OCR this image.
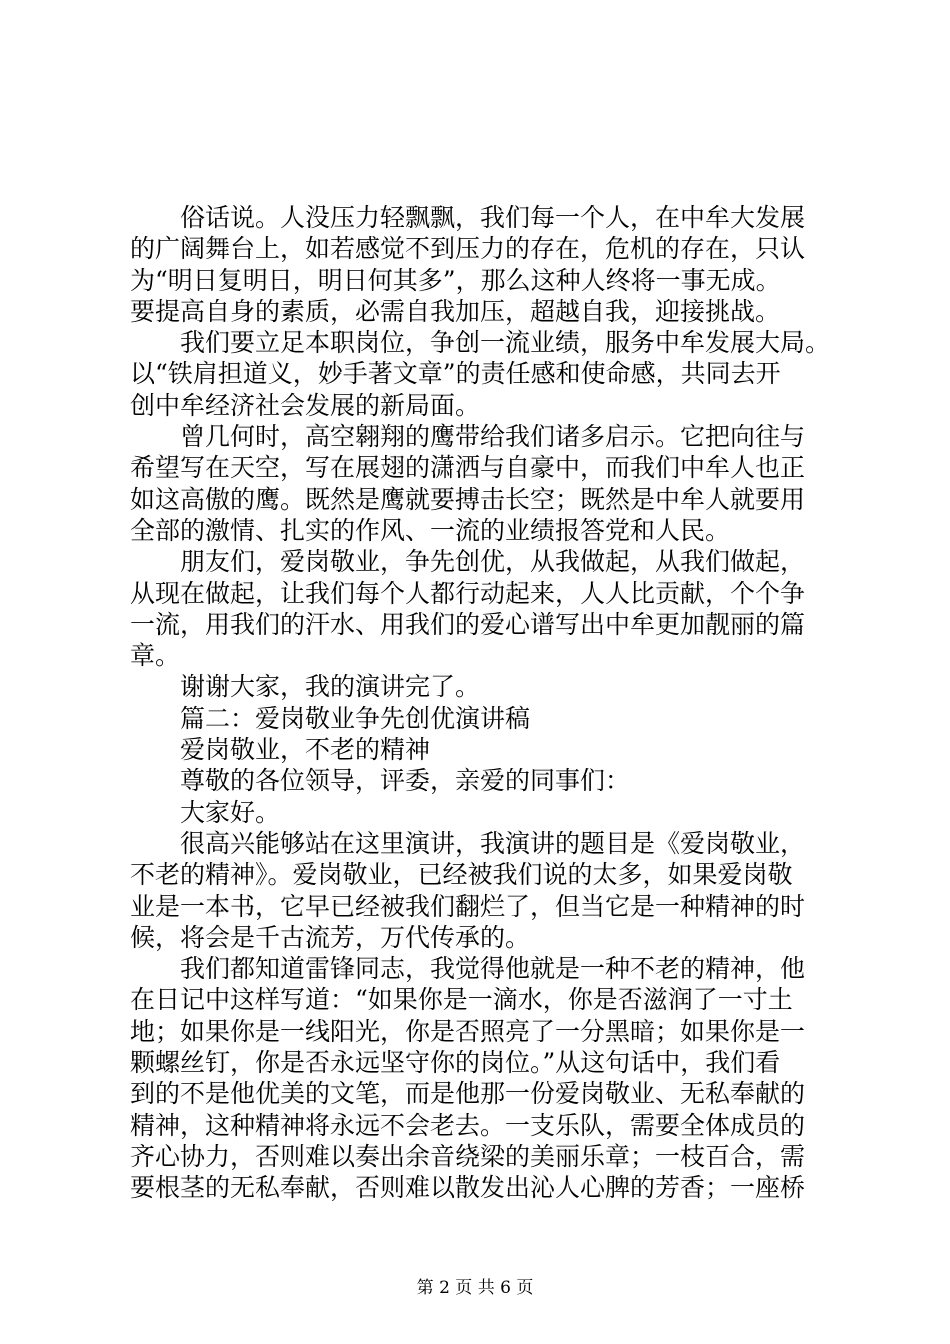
俗话说。人没压力轻飘飘，我们每一个人，在中牟大发展
的广阔舞台上，如若感觉不到压力的存在，危机的存在，只认
为“明日复明日，明日何其多”，那么这种人终将一事无成。
要提高自身的素质，必需自我加压，超越自我，迎接挑战。
我们要立足本职岗位，争创一流业绩，服务中牟发展大局。
以“铁肩担道义，妙手著文章”的责任感和使命感，共同去开
创中牟经济社会发展的新局面。
曾几何时，高空翱翔的鹰带给我们诸多启示。它把向往与
希望写在天空，写在展翅的潇洒与自豪中，而我们中牟人也正
如这高傲的鹰。既然是鹰就要搏击长空；既然是中牟人就要用
全部的激情、扎实的作风、一流的业绩报答党和人民。
朋友们，爱岗敬业，争先创优，从我做起，从我们做起，
从现在做起，让我们每个人都行动起来，人人比贡献，个个争
一流，用我们的汗水、用我们的爱心谱写出中牟更加靓丽的篇
章。
谢谢大家，我的演讲完了。
篇二：爱岗敬业争先创优演讲稿
爱岗敬业，不老的精神
尊敬的各位领导，评委，亲爱的同事们：
大家好。
很高兴能够站在这里演讲，我演讲的题目是《爱岗敬业，
不老的精神》。爱岗敬业，已经被我们说的太多，如果爱岗敬
业是一本书，它早已经被我们翻烂了，但当它是一种精神的时
候，将会是千古流芳，万代传承的。
我们都知道雷锋同志，我觉得他就是一种不老的精神，他
在日记中这样写道：“如果你是一滴水，你是否滋润了一寸土
地；如果你是一线阳光，你是否照亮了一分黑暗；如果你是一
颗螺丝钉，你是否永远坚守你的岗位。”从这句话中，我们看
到的不是他优美的文笔，而是他那一份爱岗敬业、无私奉献的
精神，这种精神将永远不会老去。一支乐队，需要全体成员的
齐心协力，否则难以奏出余音绕梁的美丽乐章；一枝百合，需
要根茎的无私奉献，否则难以散发出沁人心脾的芳香；一座桥
第 2 页 共 6 页
